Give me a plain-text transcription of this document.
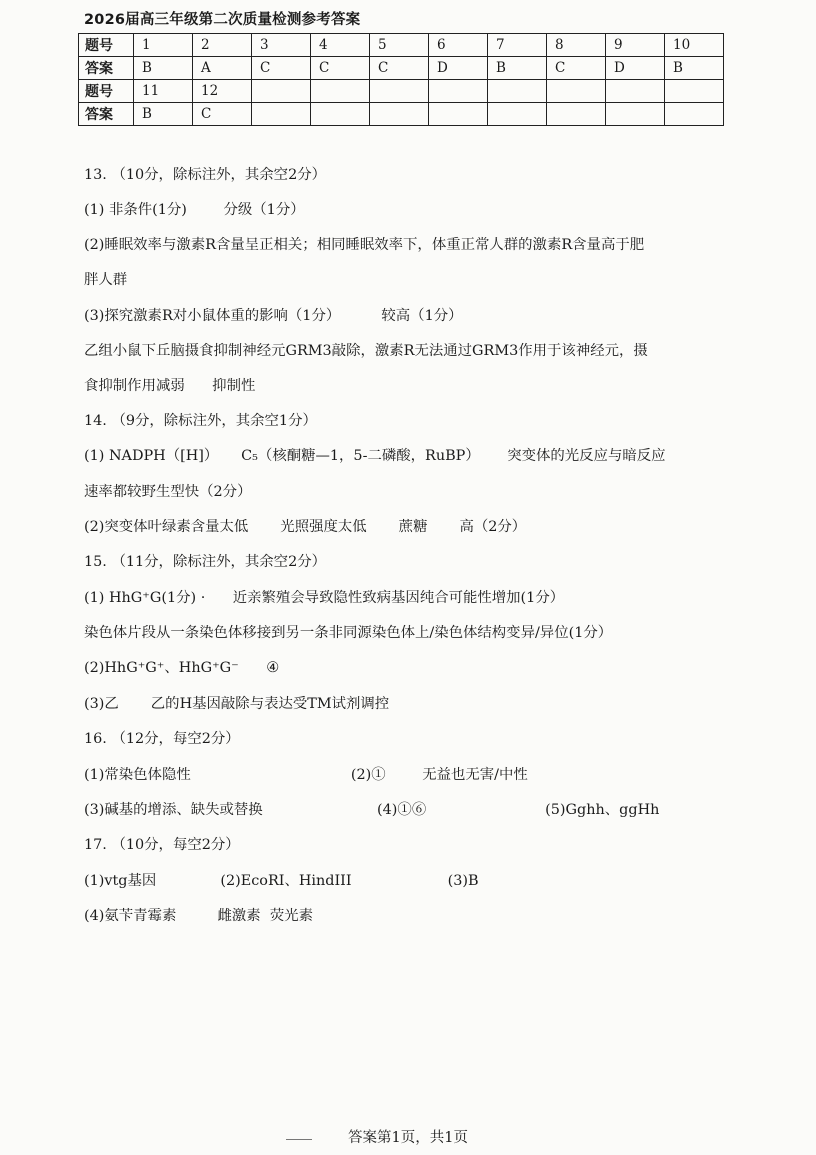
2026届高三年级第二次质量检测参考答案
题号	1	2	3	4	5	6	7	8	9	10
答案	B	A	C	C	C	D	B	C	D	B
题号	11	12								
答案	B	C								
13. （10分，除标注外，其余空2分）
(1) 非条件(1分)        分级（1分）
(2)睡眠效率与激素R含量呈正相关；相同睡眠效率下，体重正常人群的激素R含量高于肥
胖人群
(3)探究激素R对小鼠体重的影响（1分）         较高（1分）
乙组小鼠下丘脑摄食抑制神经元GRM3敲除，激素R无法通过GRM3作用于该神经元，摄
食抑制作用减弱      抑制性
14. （9分，除标注外，其余空1分）
(1) NADPH（[H]）     C₅（核酮糖—1，5-二磷酸，RuBP）      突变体的光反应与暗反应
速率都较野生型快（2分）
(2)突变体叶绿素含量太低       光照强度太低       蔗糖       高（2分）
15. （11分，除标注外，其余空2分）
(1) HhG⁺G(1分) ·      近亲繁殖会导致隐性致病基因纯合可能性增加(1分）
染色体片段从一条染色体移接到另一条非同源染色体上/染色体结构变异/异位(1分）
(2)HhG⁺G⁺、HhG⁺G⁻      ④
(3)乙       乙的H基因敲除与表达受TM试剂调控
16. （12分，每空2分）
(1)常染色体隐性                                   (2)①        无益也无害/中性
(3)碱基的增添、缺失或替换                         (4)①⑥                          (5)Gghh、ggHh
17. （10分，每空2分）
(1)vtg基因              (2)EcoRI、HindIII                     (3)B
(4)氨苄青霉素         雌激素  荧光素
答案第1页，共1页
